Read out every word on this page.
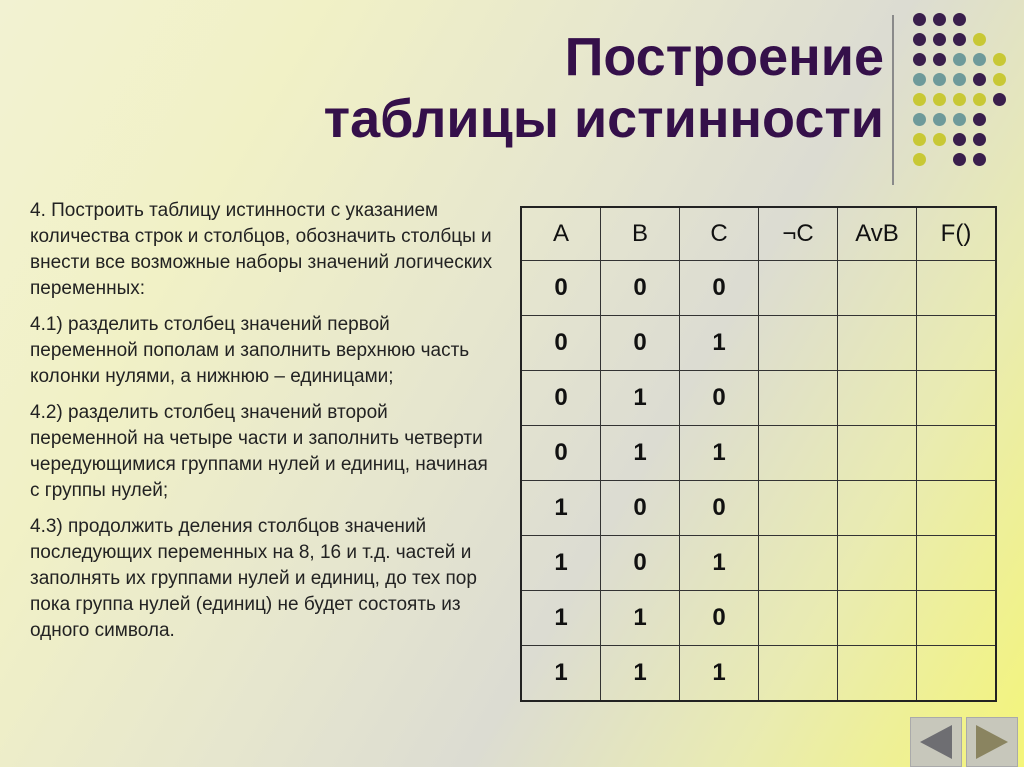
Построение
таблицы истинности

4. Построить таблицу истинности с указанием количества строк и столбцов, обозначить столбцы и внести все возможные наборы значений логических переменных:

4.1) разделить столбец значений первой переменной пополам и заполнить верхнюю часть колонки нулями, а нижнюю – единицами;

4.2) разделить столбец значений второй переменной на четыре части и заполнить четверти чередующимися группами нулей и единиц, начиная с группы нулей;

4.3) продолжить деления столбцов значений последующих переменных на 8, 16 и т.д. частей и заполнять их группами нулей и единиц, до тех пор пока группа нулей (единиц) не будет состоять из одного символа.

A	B	C	¬C	AvB	F()
0	0	0			
0	0	1			
0	1	0			
0	1	1			
1	0	0			
1	0	1			
1	1	0			
1	1	1			
